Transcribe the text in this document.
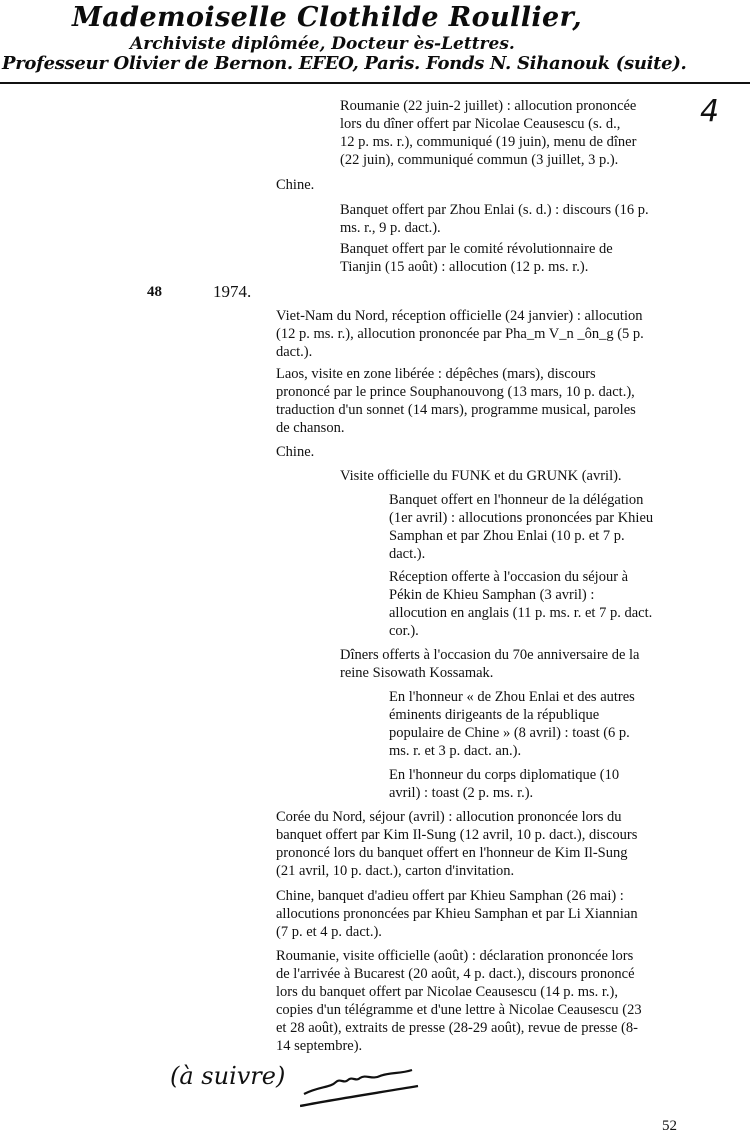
Mademoiselle Clothilde Roullier,
Archiviste diplômée, Docteur ès-Lettres.
Professeur Olivier de Bernon. EFEO, Paris. Fonds N. Sihanouk (suite).
4
Roumanie (22 juin-2 juillet) : allocution prononcée
lors du dîner offert par Nicolae Ceausescu (s. d.,
12 p. ms. r.), communiqué (19 juin), menu de dîner
(22 juin), communiqué commun (3 juillet, 3 p.).
Chine.
Banquet offert par Zhou Enlai (s. d.) : discours (16 p.
ms. r., 9 p. dact.).
Banquet offert par le comité révolutionnaire de
Tianjin (15 août) : allocution (12 p. ms. r.).
48	1974.
Viet-Nam du Nord, réception officielle (24 janvier) : allocution
(12 p. ms. r.), allocution prononcée par Pha_m V_n _ôn_g (5 p.
dact.).
Laos, visite en zone libérée : dépêches (mars), discours
prononcé par le prince Souphanouvong (13 mars, 10 p. dact.),
traduction d'un sonnet (14 mars), programme musical, paroles
de chanson.
Chine.
Visite officielle du FUNK et du GRUNK (avril).
Banquet offert en l'honneur de la délégation
(1er avril) : allocutions prononcées par Khieu
Samphan et par Zhou Enlai (10 p. et 7 p.
dact.).
Réception offerte à l'occasion du séjour à
Pékin de Khieu Samphan (3 avril) :
allocution en anglais (11 p. ms. r. et 7 p. dact.
cor.).
Dîners offerts à l'occasion du 70e anniversaire de la
reine Sisowath Kossamak.
En l'honneur « de Zhou Enlai et des autres
éminents dirigeants de la république
populaire de Chine » (8 avril) : toast (6 p.
ms. r. et 3 p. dact. an.).
En l'honneur du corps diplomatique (10
avril) : toast (2 p. ms. r.).
Corée du Nord, séjour (avril) : allocution prononcée lors du
banquet offert par Kim Il-Sung (12 avril, 10 p. dact.), discours
prononcé lors du banquet offert en l'honneur de Kim Il-Sung
(21 avril, 10 p. dact.), carton d'invitation.
Chine, banquet d'adieu offert par Khieu Samphan (26 mai) :
allocutions prononcées par Khieu Samphan et par Li Xiannian
(7 p. et 4 p. dact.).
Roumanie, visite officielle (août) : déclaration prononcée lors
de l'arrivée à Bucarest (20 août, 4 p. dact.), discours prononcé
lors du banquet offert par Nicolae Ceausescu (14 p. ms. r.),
copies d'un télégramme et d'une lettre à Nicolae Ceausescu (23
et 28 août), extraits de presse (28-29 août), revue de presse (8-
14 septembre).
(à suivre)
52
